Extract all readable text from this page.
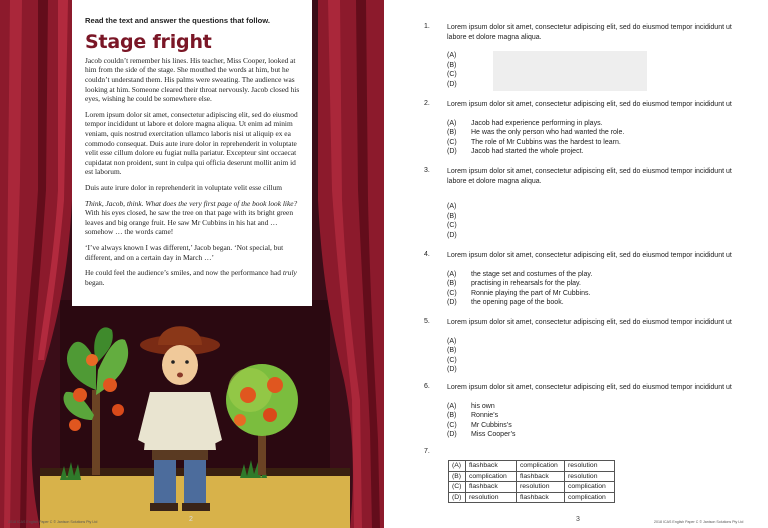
Read the text and answer the questions that follow.
Stage fright

Jacob couldn’t remember his lines. His teacher, Miss Cooper, looked at him from the side of the stage. She mouthed the words at him, but he couldn’t understand them. His palms were sweating. The audience was looking at him. Someone cleared their throat nervously. Jacob closed his eyes, wishing he could be somewhere else.

Lorem ipsum dolor sit amet, consectetur adipiscing elit, sed do eiusmod tempor incididunt ut labore et dolore magna aliqua. Ut enim ad minim veniam, quis nostrud exercitation ullamco laboris nisi ut aliquip ex ea commodo consequat. Duis aute irure dolor in reprehenderit in voluptate velit esse cillum dolore eu fugiat nulla pariatur. Excepteur sint occaecat cupidatat non proident, sunt in culpa qui officia deserunt mollit anim id est laborum.

Duis aute irure dolor in reprehenderit in voluptate velit esse cillum

Think, Jacob, think. What does the very first page of the book look like? With his eyes closed, he saw the tree on that page with its bright green leaves and big orange fruit. He saw Mr Cubbins in his hat and … somehow … the words came!

‘I’ve always known I was different,’ Jacob began. ‘Not special, but different, and on a certain day in March …’

He could feel the audience’s smiles, and now the performance had truly began.

2018 ICAS English Paper C © Janison Solutions Pty Ltd	2
1. Lorem ipsum dolor sit amet, consectetur adipiscing elit, sed do eiusmod tempor incididunt ut labore et dolore magna aliqua.
(A)
(B)
(C)
(D)
2. Lorem ipsum dolor sit amet, consectetur adipiscing elit, sed do eiusmod tempor incididunt ut
(A)	Jacob had experience performing in plays.
(B)	He was the only person who had wanted the role.
(C)	The role of Mr Cubbins was the hardest to learn.
(D)	Jacob had started the whole project.
3. Lorem ipsum dolor sit amet, consectetur adipiscing elit, sed do eiusmod tempor incididunt ut labore et dolore magna aliqua.
(A)
(B)
(C)
(D)
4. Lorem ipsum dolor sit amet, consectetur adipiscing elit, sed do eiusmod tempor incididunt ut
(A)	the stage set and costumes of the play.
(B)	practising in rehearsals for the play.
(C)	Ronnie playing the part of Mr Cubbins.
(D)	the opening page of the book.
5. Lorem ipsum dolor sit amet, consectetur adipiscing elit, sed do eiusmod tempor incididunt ut
(A)
(B)
(C)
(D)
6. Lorem ipsum dolor sit amet, consectetur adipiscing elit, sed do eiusmod tempor incididunt ut
(A)	his own
(B)	Ronnie’s
(C)	Mr Cubbins’s
(D)	Miss Cooper’s
7.
(A)	flashback	complication	resolution
(B)	complication	flashback	resolution
(C)	flashback	resolution	complication
(D)	resolution	flashback	complication
3	2018 ICAS English Paper C © Janison Solutions Pty Ltd
